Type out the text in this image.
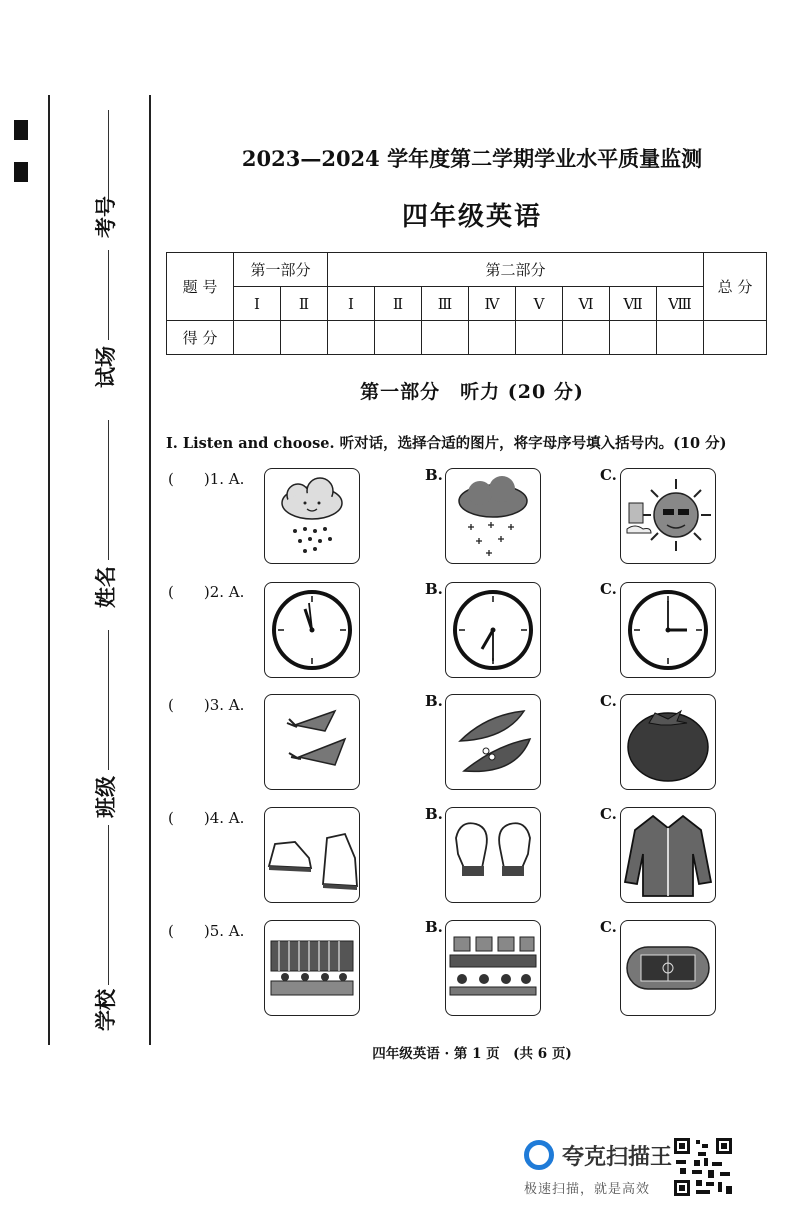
考号
试场
姓名
班级
学校
2023—2024 学年度第二学期学业水平质量监测
四年级英语
题 号	第一部分		第二部分								总 分
	Ⅰ	Ⅱ	Ⅰ	Ⅱ	Ⅲ	Ⅳ	Ⅴ	Ⅵ	Ⅶ	Ⅷ	
得 分											
第一部分　听力 (20 分)
Ⅰ. Listen and choose. 听对话，选择合适的图片，将字母序号填入括号内。(10 分)
(　　)1. A.	B.	C.
(　　)2. A.	B.	C.
(　　)3. A.	B.	C.
(　　)4. A.	B.	C.
(　　)5. A.	B.	C.
四年级英语 · 第 1 页　(共 6 页)
夸克扫描王
极速扫描，就是高效
